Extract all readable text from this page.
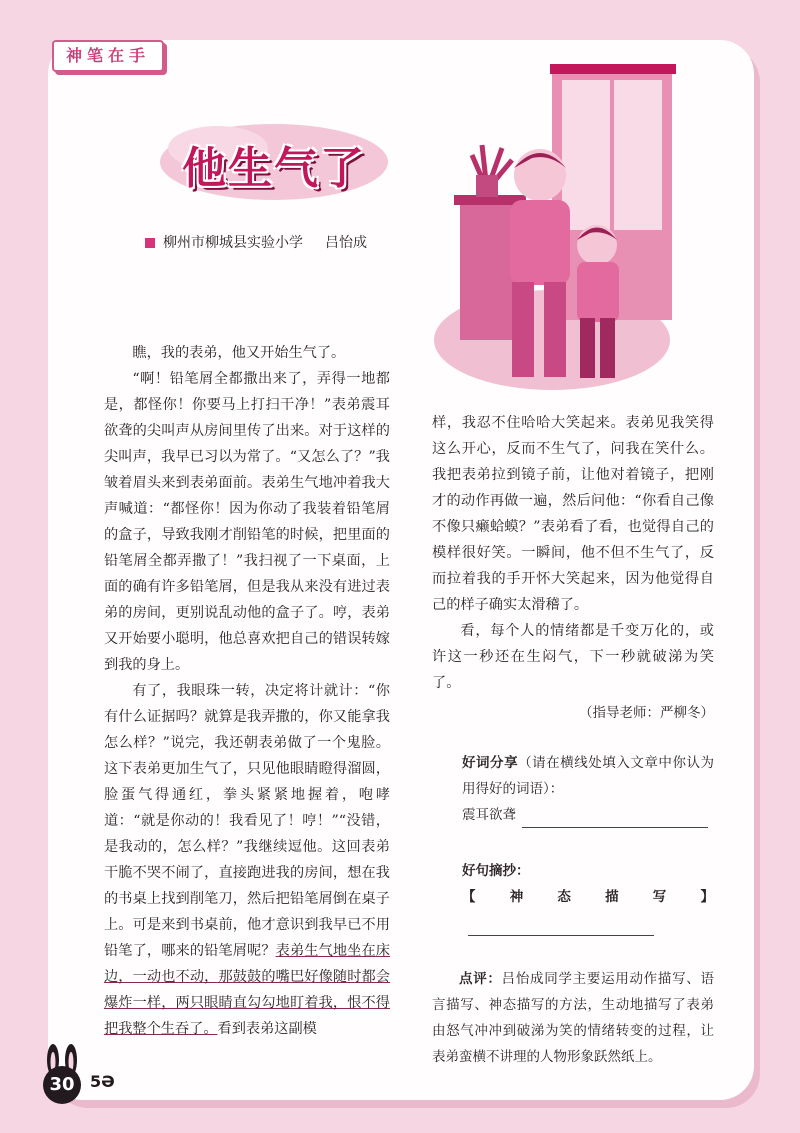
神笔在手
他生气了
柳州市柳城县实验小学 吕怡成

瞧，我的表弟，他又开始生气了。

“啊！铅笔屑全都撒出来了，弄得一地都是，都怪你！你要马上打扫干净！”表弟震耳欲聋的尖叫声从房间里传了出来。对于这样的尖叫声，我早已习以为常了。“又怎么了？”我皱着眉头来到表弟面前。表弟生气地冲着我大声喊道：“都怪你！因为你动了我装着铅笔屑的盒子，导致我刚才削铅笔的时候，把里面的铅笔屑全都弄撒了！”我扫视了一下桌面，上面的确有许多铅笔屑，但是我从来没有进过表弟的房间，更别说乱动他的盒子了。哼，表弟又开始要小聪明，他总喜欢把自己的错误转嫁到我的身上。

有了，我眼珠一转，决定将计就计：“你有什么证据吗？就算是我弄撒的，你又能拿我怎么样？”说完，我还朝表弟做了一个鬼脸。这下表弟更加生气了，只见他眼睛瞪得溜圆，脸蛋气得通红，拳头紧紧地握着，咆哮道：“就是你动的！我看见了！哼！”“没错，是我动的，怎么样？”我继续逗他。这回表弟干脆不哭不闹了，直接跑进我的房间，想在我的书桌上找到削笔刀，然后把铅笔屑倒在桌子上。可是来到书桌前，他才意识到我早已不用铅笔了，哪来的铅笔屑呢？表弟生气地坐在床边，一动也不动，那鼓鼓的嘴巴好像随时都会爆炸一样，两只眼睛直勾勾地盯着我，恨不得把我整个生吞了。看到表弟这副模

样，我忍不住哈哈大笑起来。表弟见我笑得这么开心，反而不生气了，问我在笑什么。我把表弟拉到镜子前，让他对着镜子，把刚才的动作再做一遍，然后问他：“你看自己像不像只癞蛤蟆？”表弟看了看，也觉得自己的模样很好笑。一瞬间，他不但不生气了，反而拉着我的手开怀大笑起来，因为他觉得自己的样子确实太滑稽了。

看，每个人的情绪都是千变万化的，或许这一秒还在生闷气，下一秒就破涕为笑了。

（指导老师：严柳冬）
好词分享（请在横线处填入文章中你认为用得好的词语）：
震耳欲聋
好句摘抄：
【神态描写】
点评：吕怡成同学主要运用动作描写、语言描写、神态描写的方法，生动地描写了表弟由怒气冲冲到破涕为笑的情绪转变的过程，让表弟蛮横不讲理的人物形象跃然纸上。
30 5Ə
